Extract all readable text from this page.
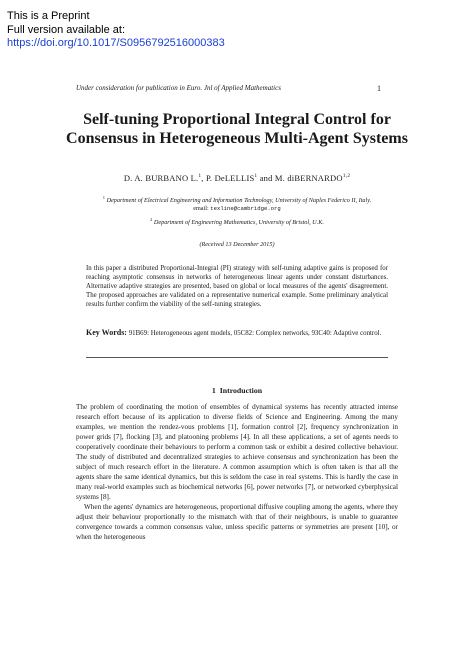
This is a Preprint
Full version available at:
https://doi.org/10.1017/S0956792516000383
Under consideration for publication in Euro. Jnl of Applied Mathematics	1
Self-tuning Proportional Integral Control for Consensus in Heterogeneous Multi-Agent Systems
D. A. BURBANO L.$^1$, P. DeLELLIS$^1$ and M. diBERNARDO$^{1,2}$
$^1$ Department of Electrical Engineering and Information Technology, University of Naples Federico II, Italy.
email: texline@cambridge.org
$^2$ Department of Engineering Mathematics, University of Bristol, U.K.
(Received 13 December 2015)
In this paper a distributed Proportional-Integral (PI) strategy with self-tuning adaptive gains is proposed for reaching asymptotic consensus in networks of heterogeneous linear agents under constant disturbances. Alternative adaptive strategies are presented, based on global or local measures of the agents' disagreement. The proposed approaches are validated on a representative numerical example. Some preliminary analytical results further confirm the viability of the self-tuning strategies.
Key Words: 91B69: Heterogeneous agent models, 05C82: Complex networks, 93C40: Adaptive control.
1 Introduction

The problem of coordinating the motion of ensembles of dynamical systems has recently attracted intense research effort because of its application to diverse fields of Science and Engineering. Among the many examples, we mention the rendez-vous problems [1], formation control [2], frequency synchronization in power grids [7], flocking [3], and platooning problems [4]. In all these applications, a set of agents needs to cooperatively coordinate their behaviours to perform a common task or exhibit a desired collective behaviour. The study of distributed and decentralized strategies to achieve consensus and synchronization has been the subject of much research effort in the literature. A common assumption which is often taken is that all the agents share the same identical dynamics, but this is seldom the case in real systems. This is hardly the case in many real-world examples such as biochemical networks [6], power networks [7], or networked cyberphysical systems [8].

When the agents' dynamics are heterogeneous, proportional diffusive coupling among the agents, where they adjust their behaviour proportionally to the mismatch with that of their neighbours, is unable to guarantee convergence towards a common consensus value, unless specific patterns or symmetries are present [10], or when the heterogeneous
